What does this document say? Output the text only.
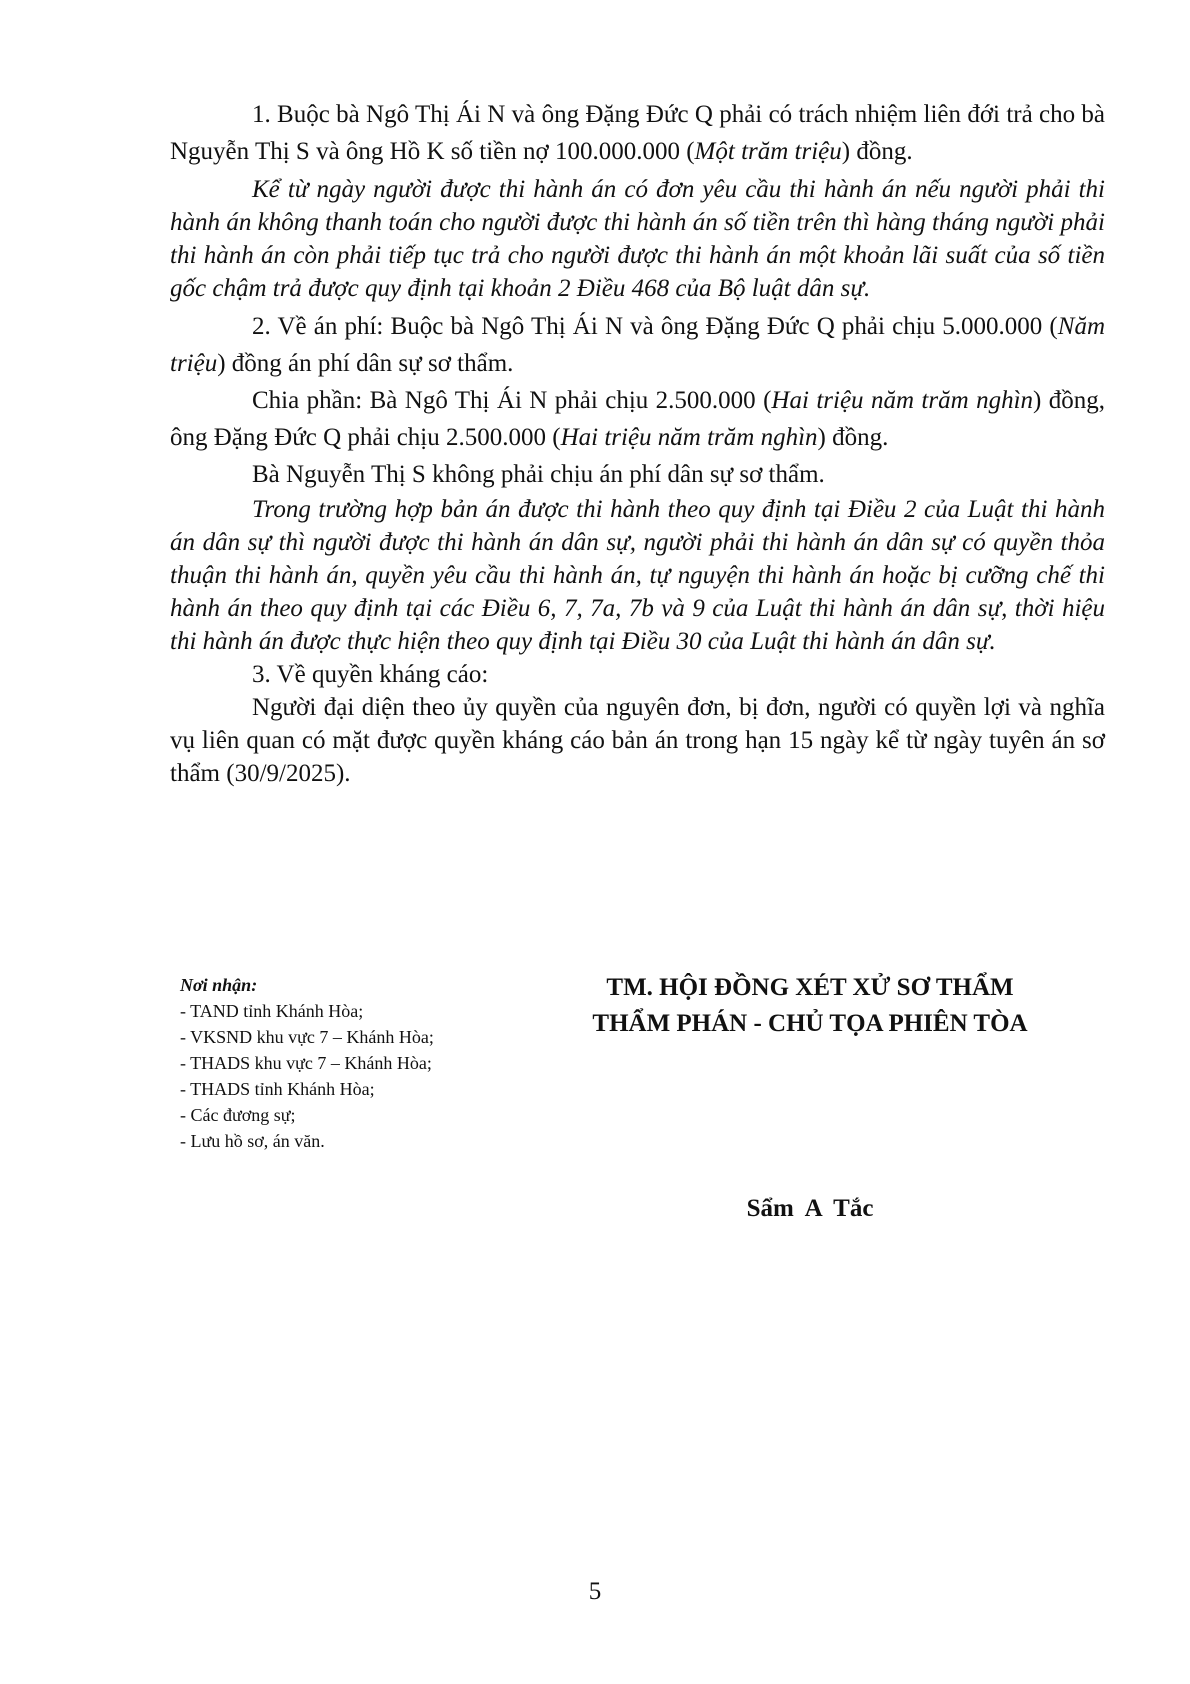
1. Buộc bà Ngô Thị Ái N và ông Đặng Đức Q phải có trách nhiệm liên đới trả cho bà Nguyễn Thị S và ông Hồ K số tiền nợ 100.000.000 (Một trăm triệu) đồng.

Kể từ ngày người được thi hành án có đơn yêu cầu thi hành án nếu người phải thi hành án không thanh toán cho người được thi hành án số tiền trên thì hàng tháng người phải thi hành án còn phải tiếp tục trả cho người được thi hành án một khoản lãi suất của số tiền gốc chậm trả được quy định tại khoản 2 Điều 468 của Bộ luật dân sự.

2. Về án phí: Buộc bà Ngô Thị Ái N và ông Đặng Đức Q phải chịu 5.000.000 (Năm triệu) đồng án phí dân sự sơ thẩm.

Chia phần: Bà Ngô Thị Ái N phải chịu 2.500.000 (Hai triệu năm trăm nghìn) đồng, ông Đặng Đức Q phải chịu 2.500.000 (Hai triệu năm trăm nghìn) đồng.

Bà Nguyễn Thị S không phải chịu án phí dân sự sơ thẩm.

Trong trường hợp bản án được thi hành theo quy định tại Điều 2 của Luật thi hành án dân sự thì người được thi hành án dân sự, người phải thi hành án dân sự có quyền thỏa thuận thi hành án, quyền yêu cầu thi hành án, tự nguyện thi hành án hoặc bị cưỡng chế thi hành án theo quy định tại các Điều 6, 7, 7a, 7b và 9 của Luật thi hành án dân sự, thời hiệu thi hành án được thực hiện theo quy định tại Điều 30 của Luật thi hành án dân sự.

3. Về quyền kháng cáo:

Người đại diện theo ủy quyền của nguyên đơn, bị đơn, người có quyền lợi và nghĩa vụ liên quan có mặt được quyền kháng cáo bản án trong hạn 15 ngày kể từ ngày tuyên án sơ thẩm (30/9/2025).

Nơi nhận:
- TAND tỉnh Khánh Hòa;
- VKSND khu vực 7 – Khánh Hòa;
- THADS khu vực 7 – Khánh Hòa;
- THADS tỉnh Khánh Hòa;
- Các đương sự;
- Lưu hồ sơ, án văn.
TM. HỘI ĐỒNG XÉT XỬ SƠ THẨM
THẨM PHÁN - CHỦ TỌA PHIÊN TÒA
Sẩm A Tắc
5
